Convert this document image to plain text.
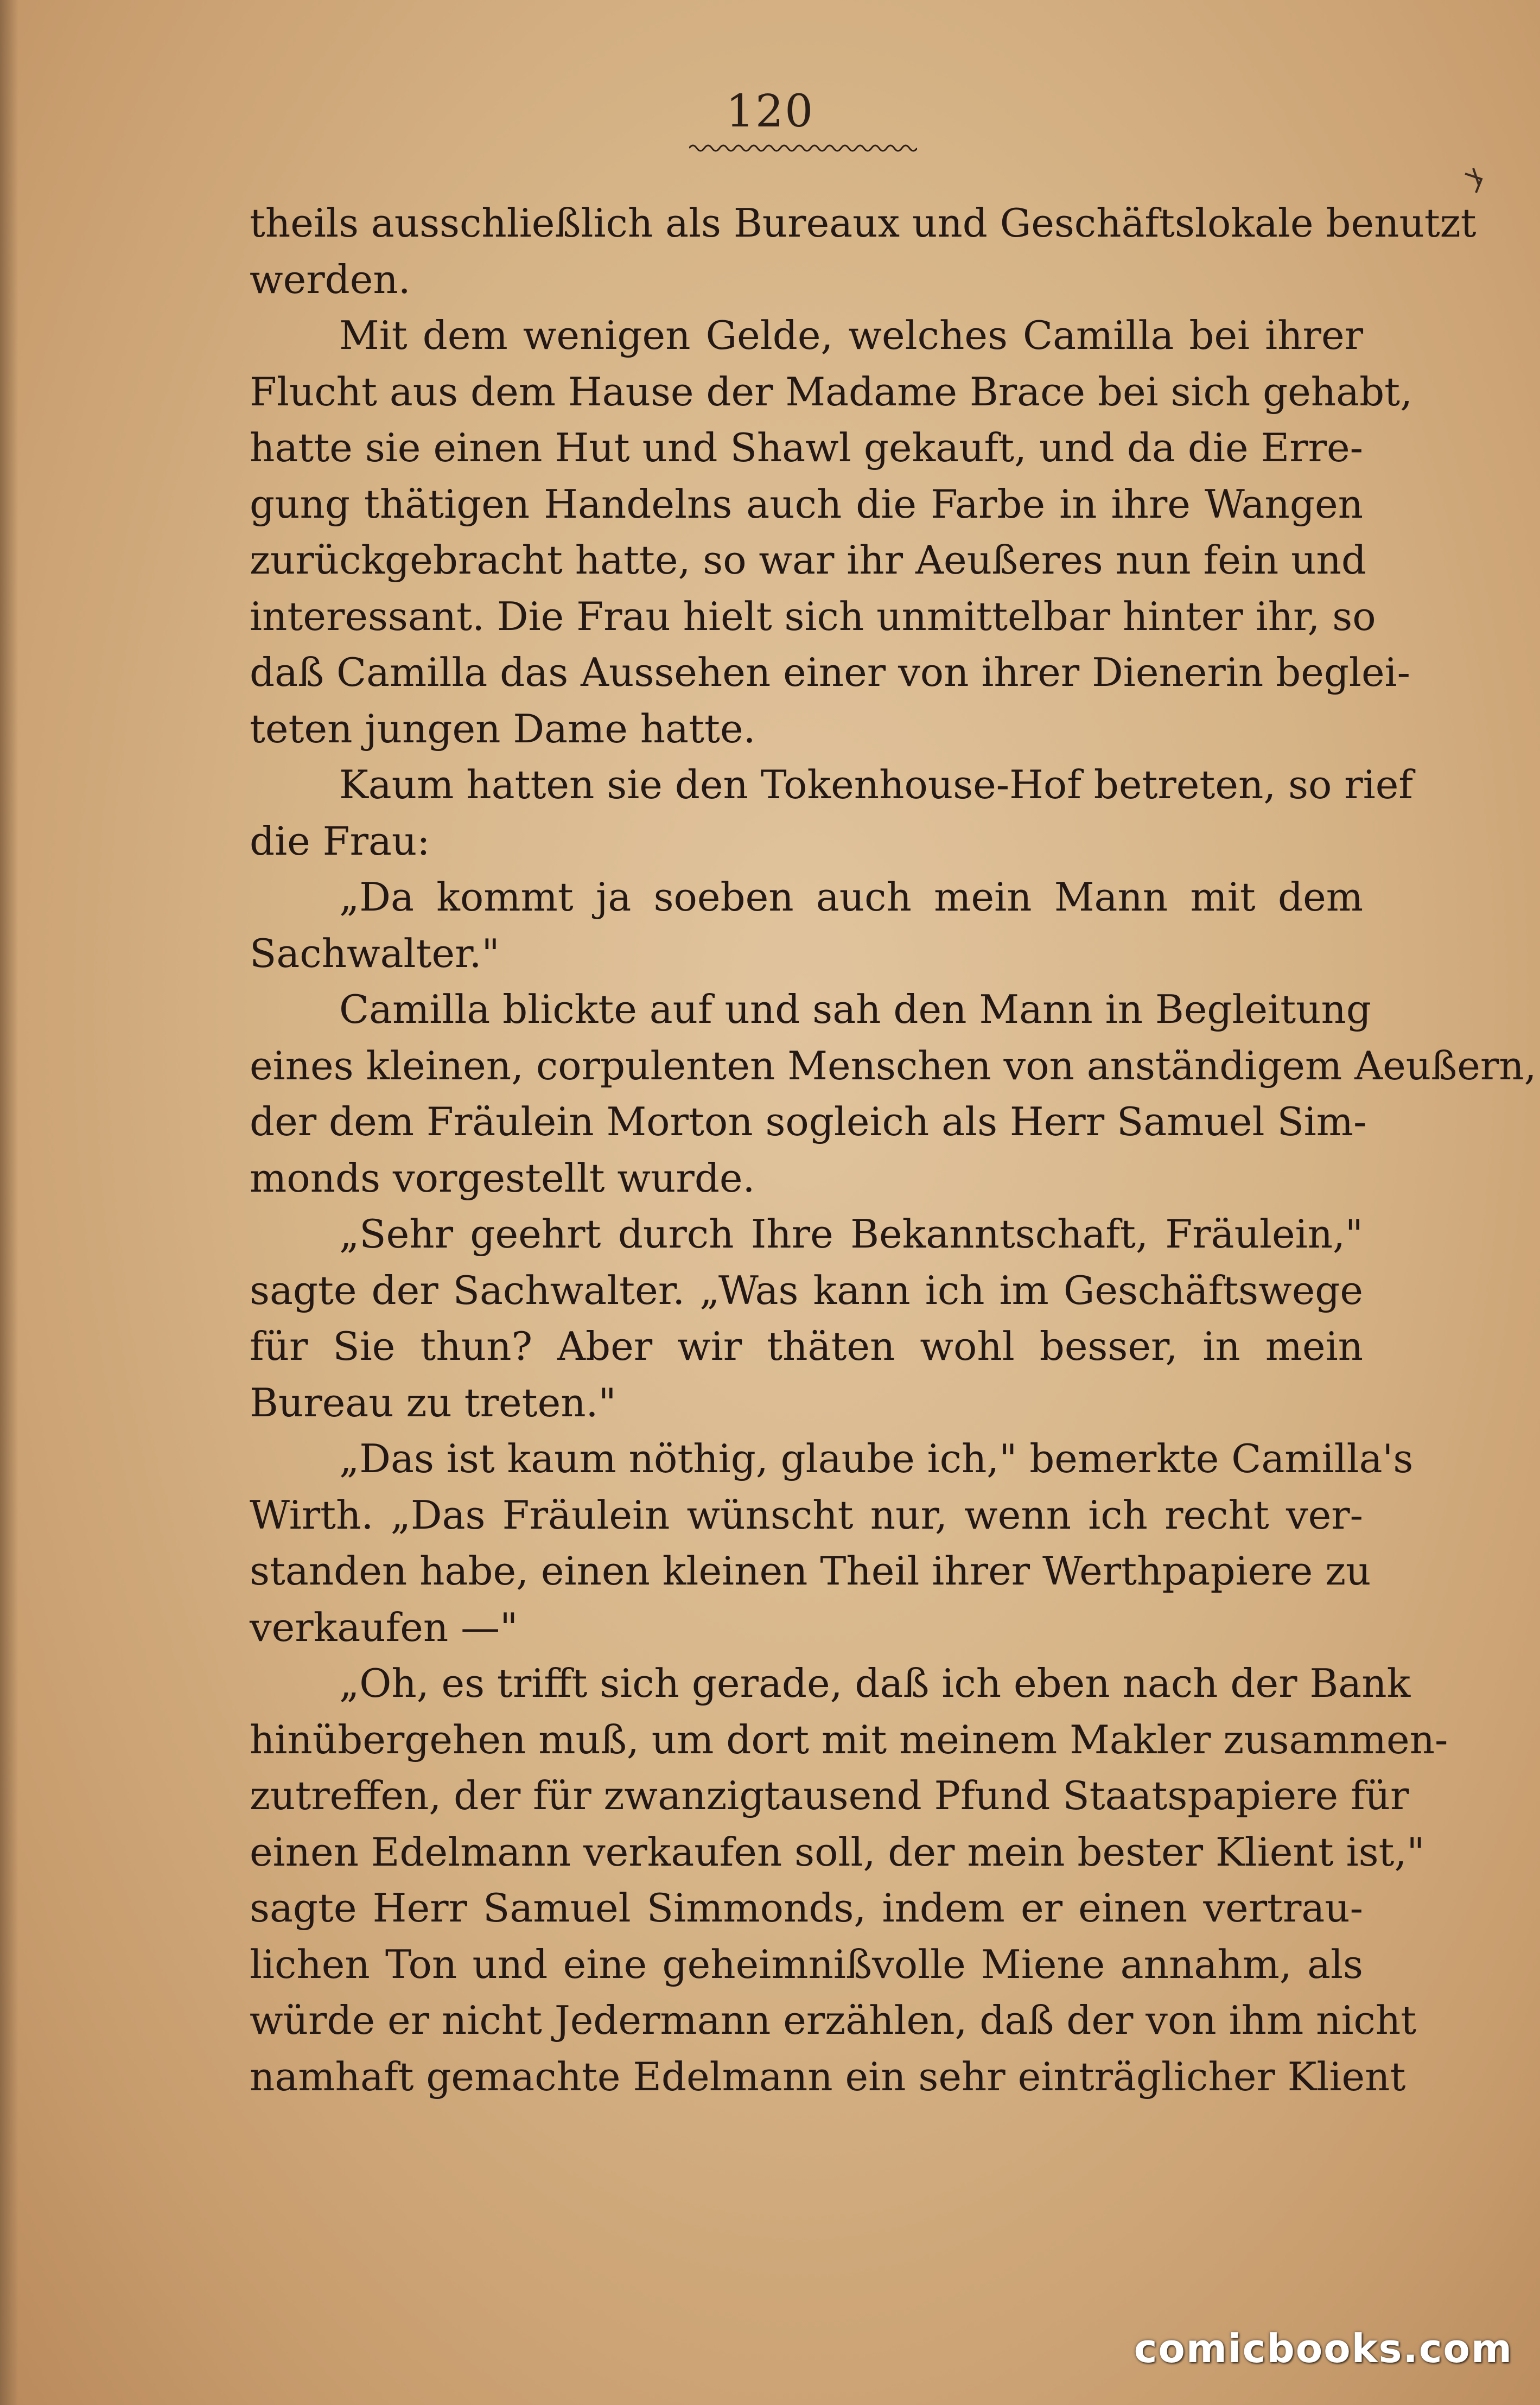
120
theils ausschließlich als Bureaux und Geschäftslokale benutzt
werden.
Mit dem wenigen Gelde, welches Camilla bei ihrer
Flucht aus dem Hause der Madame Brace bei sich gehabt,
hatte sie einen Hut und Shawl gekauft, und da die Erre-
gung thätigen Handelns auch die Farbe in ihre Wangen
zurückgebracht hatte, so war ihr Aeußeres nun fein und
interessant. Die Frau hielt sich unmittelbar hinter ihr, so
daß Camilla das Aussehen einer von ihrer Dienerin beglei-
teten jungen Dame hatte.
Kaum hatten sie den Tokenhouse-Hof betreten, so rief
die Frau:
„Da kommt ja soeben auch mein Mann mit dem
Sachwalter."
Camilla blickte auf und sah den Mann in Begleitung
eines kleinen, corpulenten Menschen von anständigem Aeußern,
der dem Fräulein Morton sogleich als Herr Samuel Sim-
monds vorgestellt wurde.
„Sehr geehrt durch Ihre Bekanntschaft, Fräulein,"
sagte der Sachwalter. „Was kann ich im Geschäftswege
für Sie thun? Aber wir thäten wohl besser, in mein
Bureau zu treten."
„Das ist kaum nöthig, glaube ich," bemerkte Camilla's
Wirth. „Das Fräulein wünscht nur, wenn ich recht ver-
standen habe, einen kleinen Theil ihrer Werthpapiere zu
verkaufen —"
„Oh, es trifft sich gerade, daß ich eben nach der Bank
hinübergehen muß, um dort mit meinem Makler zusammen-
zutreffen, der für zwanzigtausend Pfund Staatspapiere für
einen Edelmann verkaufen soll, der mein bester Klient ist,"
sagte Herr Samuel Simmonds, indem er einen vertrau-
lichen Ton und eine geheimnißvolle Miene annahm, als
würde er nicht Jedermann erzählen, daß der von ihm nicht
namhaft gemachte Edelmann ein sehr einträglicher Klient
comicbooks.com
